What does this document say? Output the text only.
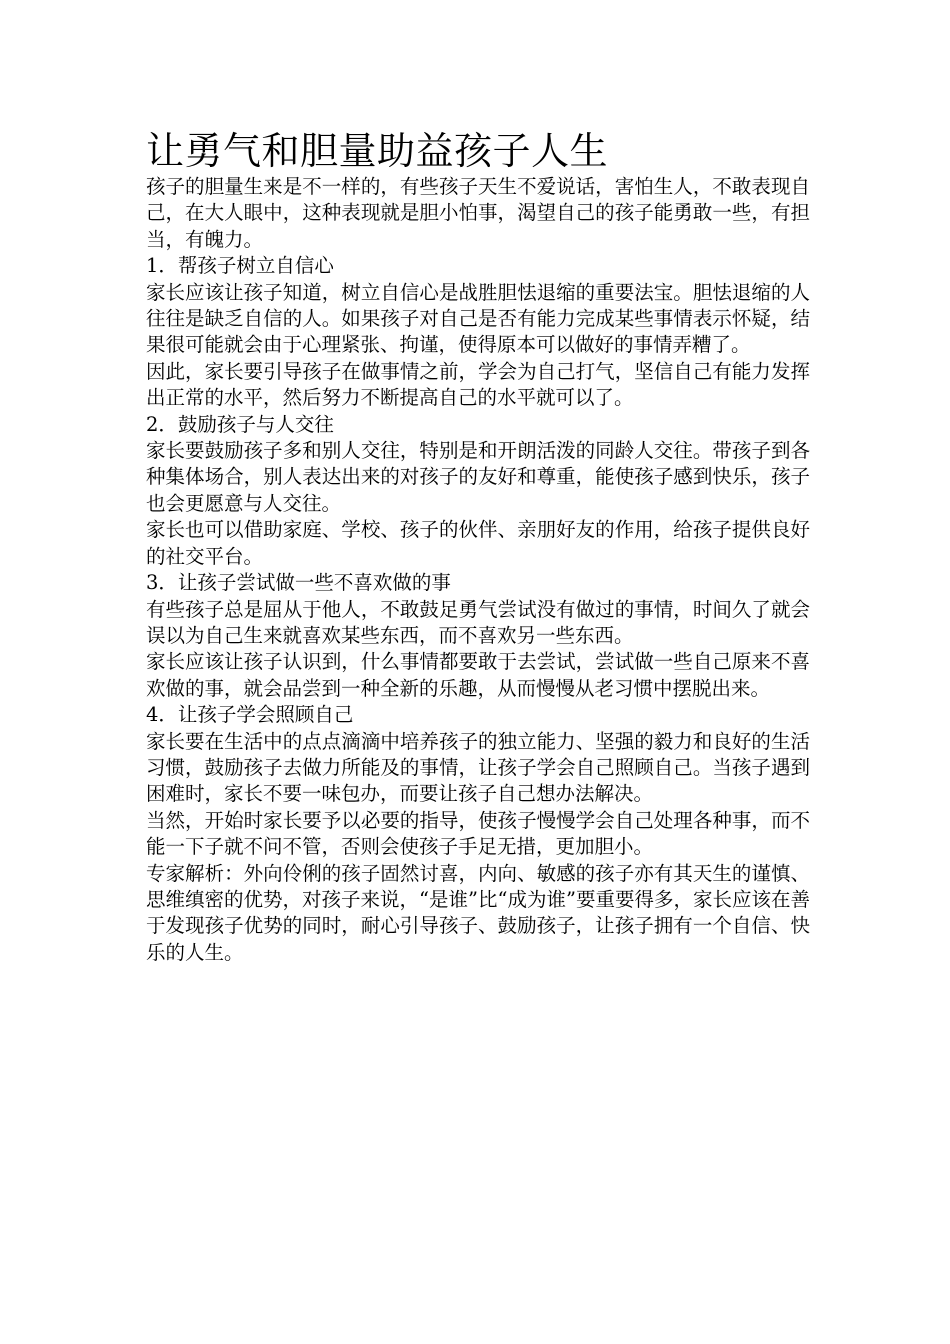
让勇气和胆量助益孩子人生

孩子的胆量生来是不一样的，有些孩子天生不爱说话，害怕生人，不敢表现自己，在大人眼中，这种表现就是胆小怕事，渴望自己的孩子能勇敢一些，有担当，有魄力。

1．帮孩子树立自信心

家长应该让孩子知道，树立自信心是战胜胆怯退缩的重要法宝。胆怯退缩的人往往是缺乏自信的人。如果孩子对自己是否有能力完成某些事情表示怀疑，结果很可能就会由于心理紧张、拘谨，使得原本可以做好的事情弄糟了。

因此，家长要引导孩子在做事情之前，学会为自己打气，坚信自己有能力发挥出正常的水平，然后努力不断提高自己的水平就可以了。

2．鼓励孩子与人交往

家长要鼓励孩子多和别人交往，特别是和开朗活泼的同龄人交往。带孩子到各种集体场合，别人表达出来的对孩子的友好和尊重，能使孩子感到快乐，孩子也会更愿意与人交往。

家长也可以借助家庭、学校、孩子的伙伴、亲朋好友的作用，给孩子提供良好的社交平台。

3．让孩子尝试做一些不喜欢做的事

有些孩子总是屈从于他人，不敢鼓足勇气尝试没有做过的事情，时间久了就会误以为自己生来就喜欢某些东西，而不喜欢另一些东西。

家长应该让孩子认识到，什么事情都要敢于去尝试，尝试做一些自己原来不喜欢做的事，就会品尝到一种全新的乐趣，从而慢慢从老习惯中摆脱出来。

4．让孩子学会照顾自己

家长要在生活中的点点滴滴中培养孩子的独立能力、坚强的毅力和良好的生活习惯，鼓励孩子去做力所能及的事情，让孩子学会自己照顾自己。当孩子遇到困难时，家长不要一味包办，而要让孩子自己想办法解决。

当然，开始时家长要予以必要的指导，使孩子慢慢学会自己处理各种事，而不能一下子就不问不管，否则会使孩子手足无措，更加胆小。

专家解析：外向伶俐的孩子固然讨喜，内向、敏感的孩子亦有其天生的谨慎、思维缜密的优势，对孩子来说，“是谁”比“成为谁”要重要得多，家长应该在善于发现孩子优势的同时，耐心引导孩子、鼓励孩子，让孩子拥有一个自信、快乐的人生。
